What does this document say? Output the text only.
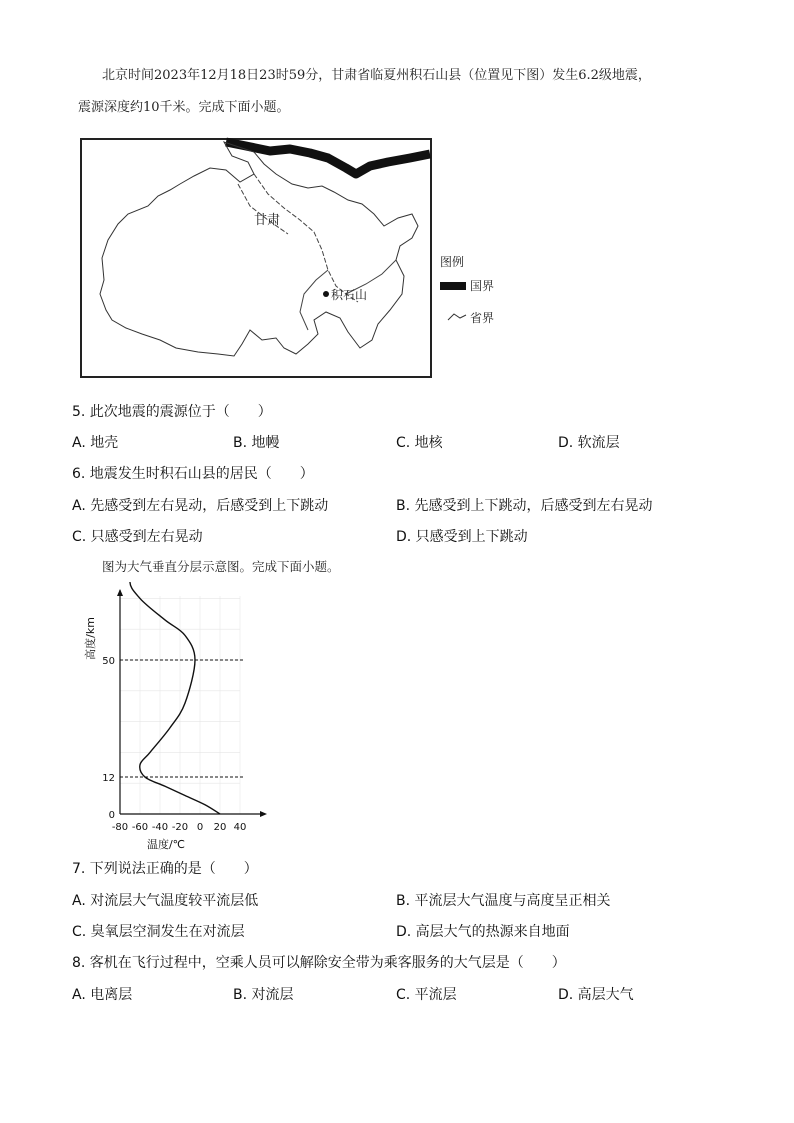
北京时间2023年12月18日23时59分，甘肃省临夏州积石山县（位置见下图）发生6.2级地震，
震源深度约10千米。完成下面小题。
甘肃
积石山
图例
国界
省界
5. 此次地震的震源位于（　　）
A. 地壳	B. 地幔	C. 地核	D. 软流层
6. 地震发生时积石山县的居民（　　）
A. 先感受到左右晃动，后感受到上下跳动	B. 先感受到上下跳动，后感受到左右晃动
C. 只感受到左右晃动	D. 只感受到上下跳动
图为大气垂直分层示意图。完成下面小题。
-80 -60 -40 -20 0 20 40
0
12
50
温度/℃
高度/km
7. 下列说法正确的是（　　）
A. 对流层大气温度较平流层低	B. 平流层大气温度与高度呈正相关
C. 臭氧层空洞发生在对流层	D. 高层大气的热源来自地面
8. 客机在飞行过程中，空乘人员可以解除安全带为乘客服务的大气层是（　　）
A. 电离层	B. 对流层	C. 平流层	D. 高层大气
